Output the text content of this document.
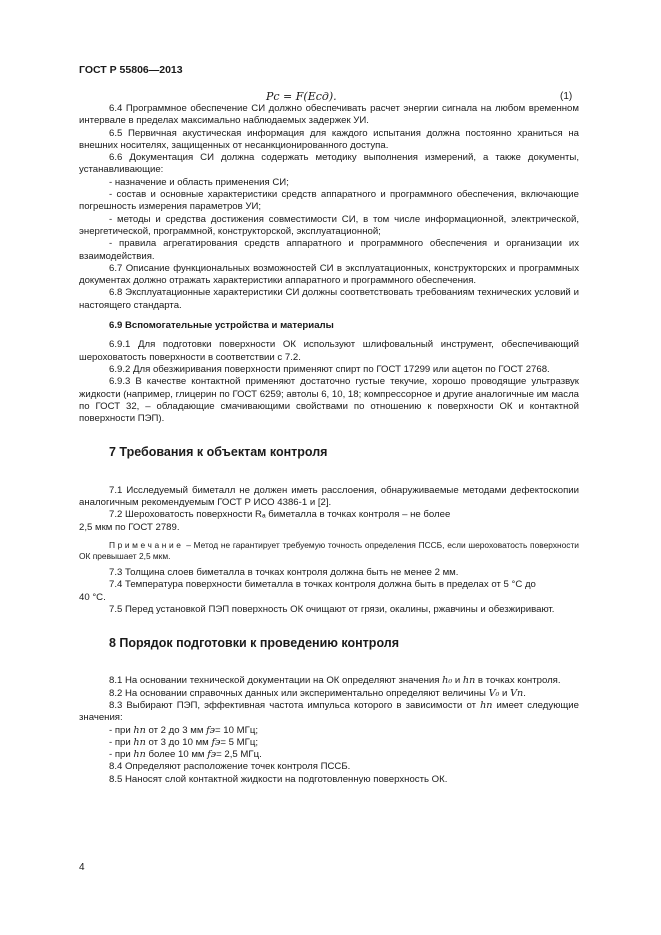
ГОСТ Р 55806—2013
Pc = F(Eсд).	(1)

6.4 Программное обеспечение СИ должно обеспечивать расчет энергии сигнала на любом временном интервале в пределах максимально наблюдаемых задержек УИ.

6.5 Первичная акустическая информация для каждого испытания должна постоянно храниться на внешних носителях, защищенных от несанкционированного доступа.

6.6 Документация СИ должна содержать методику выполнения измерений, а также документы, устанавливающие:

- назначение и область применения СИ;

- состав и основные характеристики средств аппаратного и программного обеспечения, включающие погрешность измерения параметров УИ;

- методы и средства достижения совместимости СИ, в том числе информационной, электрической, энергетической, программной, конструкторской, эксплуатационной;

- правила агрегатирования средств аппаратного и программного обеспечения и организации их взаимодействия.

6.7 Описание функциональных возможностей СИ в эксплуатационных, конструкторских и программных документах должно отражать характеристики аппаратного и программного обеспечения.

6.8 Эксплуатационные характеристики СИ должны соответствовать требованиям технических условий и настоящего стандарта.

6.9 Вспомогательные устройства и материалы

6.9.1 Для подготовки поверхности ОК используют шлифовальный инструмент, обеспечивающий шероховатость поверхности в соответствии с 7.2.

6.9.2 Для обезжиривания поверхности применяют спирт по ГОСТ 17299 или ацетон по ГОСТ 2768.

6.9.3 В качестве контактной применяют достаточно густые текучие, хорошо проводящие ультразвук жидкости (например, глицерин по ГОСТ 6259; автолы 6, 10, 18; компрессорное и другие аналогичные им масла по ГОСТ 32, – обладающие смачивающими свойствами по отношению к поверхности ОК и контактной поверхности ПЭП).

7 Требования к объектам контроля

7.1 Исследуемый биметалл не должен иметь расслоения, обнаруживаемые методами дефектоскопии аналогичным рекомендуемым ГОСТ Р ИСО 4386-1 и [2].

7.2 Шероховатость поверхности Rₐ биметалла в точках контроля – не более

2,5 мкм по ГОСТ 2789.

Примечание – Метод не гарантирует требуемую точность определения ПССБ, если шероховатость поверхности ОК превышает 2,5 мкм.

7.3 Толщина слоев биметалла в точках контроля должна быть не менее 2 мм.

7.4 Температура поверхности биметалла в точках контроля должна быть в пределах от 5 °C до

40 °C.

7.5 Перед установкой ПЭП поверхность ОК очищают от грязи, окалины, ржавчины и обезжиривают.

8 Порядок подготовки к проведению контроля

8.1 На основании технической документации на ОК определяют значения h₀ и hп в точках контроля.

8.2 На основании справочных данных или экспериментально определяют величины V₀ и Vп.

8.3 Выбирают ПЭП, эффективная частота импульса которого в зависимости от hп имеет следующие значения:

- при hп от 2 до 3 мм fэ= 10 МГц;

- при hп от 3 до 10 мм fэ= 5 МГц;

- при hп более 10 мм fэ= 2,5 МГц.

8.4 Определяют расположение точек контроля ПССБ.

8.5 Наносят слой контактной жидкости на подготовленную поверхность ОК.

4
